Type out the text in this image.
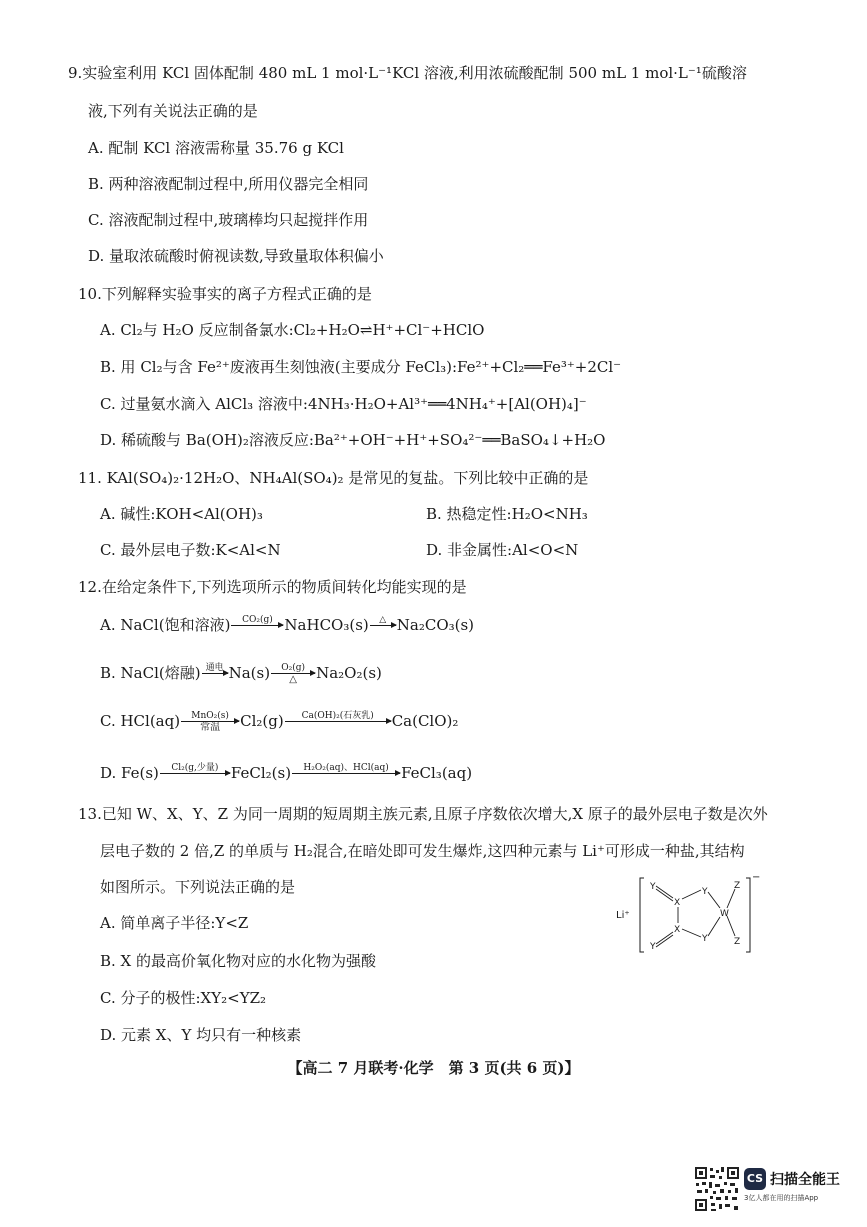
9.实验室利用 KCl 固体配制 480 mL 1 mol·L⁻¹KCl 溶液,利用浓硫酸配制 500 mL 1 mol·L⁻¹硫酸溶
液,下列有关说法正确的是
A. 配制 KCl 溶液需称量 35.76 g KCl
B. 两种溶液配制过程中,所用仪器完全相同
C. 溶液配制过程中,玻璃棒均只起搅拌作用
D. 量取浓硫酸时俯视读数,导致量取体积偏小
10.下列解释实验事实的离子方程式正确的是
A. Cl₂与 H₂O 反应制备氯水:Cl₂+H₂O⇌H⁺+Cl⁻+HClO
B. 用 Cl₂与含 Fe²⁺废液再生刻蚀液(主要成分 FeCl₃):Fe²⁺+Cl₂══Fe³⁺+2Cl⁻
C. 过量氨水滴入 AlCl₃ 溶液中:4NH₃·H₂O+Al³⁺══4NH₄⁺+[Al(OH)₄]⁻
D. 稀硫酸与 Ba(OH)₂溶液反应:Ba²⁺+OH⁻+H⁺+SO₄²⁻══BaSO₄↓+H₂O
11. KAl(SO₄)₂·12H₂O、NH₄Al(SO₄)₂ 是常见的复盐。下列比较中正确的是
A. 碱性:KOH<Al(OH)₃	B. 热稳定性:H₂O<NH₃
C. 最外层电子数:K<Al<N	D. 非金属性:Al<O<N
12.在给定条件下,下列选项所示的物质间转化均能实现的是
A. NaCl(饱和溶液)	CO₂(g)
NaHCO₃(s)	△
Na₂CO₃(s)
B. NaCl(熔融) 通电
Na(s)	O₂(g)
△	Na₂O₂(s)
C. HCl(aq)	MnO₂(s)
常温	Cl₂(g)	Ca(OH)₂(石灰乳)
	Ca(ClO)₂
D. Fe(s)	Cl₂(g,少量)
FeCl₂(s)	H₂O₂(aq)、HCl(aq)
FeCl₃(aq)
13.已知 W、X、Y、Z 为同一周期的短周期主族元素,且原子序数依次增大,X 原子的最外层电子数是次外
层电子数的 2 倍,Z 的单质与 H₂混合,在暗处即可发生爆炸,这四种元素与 Li⁺可形成一种盐,其结构
如图所示。下列说法正确的是
A. 简单离子半径:Y<Z
B. X 的最高价氧化物对应的水化物为强酸
C. 分子的极性:XY₂<YZ₂
D. 元素 X、Y 均只有一种核素
Li⁺
−
Y
X
Y
Z
W
X
Y
Y	Z
【高二 7 月联考·化学　第 3 页(共 6 页)】
CS 扫描全能王
3亿人都在用的扫描App
